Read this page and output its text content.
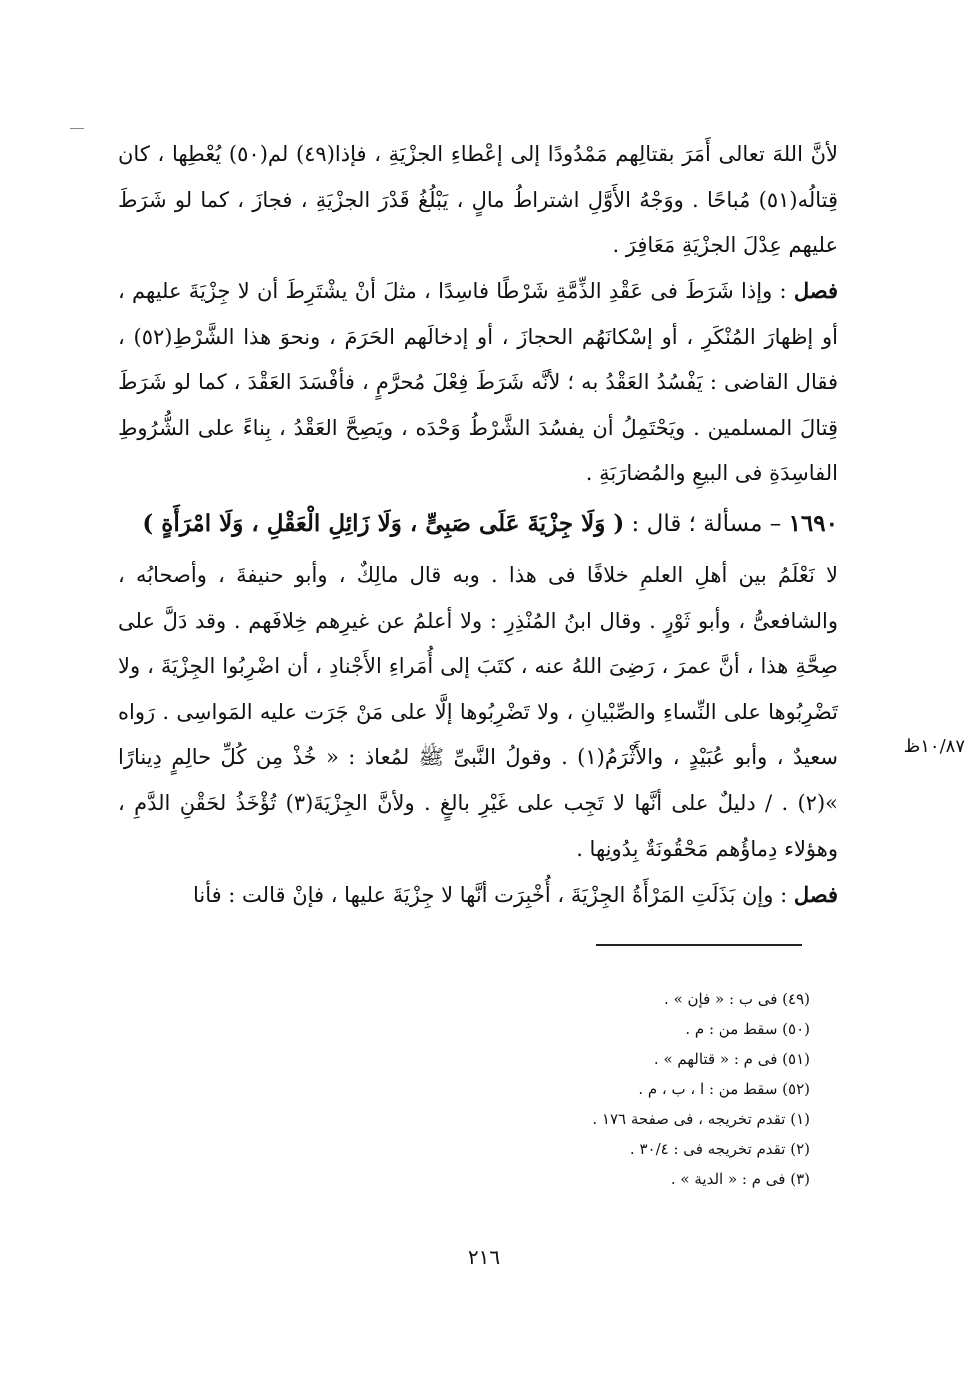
لأنَّ اللهَ تعالى أَمَرَ بقتالِهم مَمْدُودًا إلى إعْطاءِ الجزْيَةِ ، فإذا(٤٩) لم(٥٠) يُعْطِها ، كان قِتالُه(٥١) مُباحًا . ووَجْهُ الأَوَّلِ اشتراطُ مالٍ ، يَبْلُغُ قَدْرَ الجزْيَةِ ، فجازَ ، كما لو شَرَطَ عليهم عِدْلَ الجزْيَةِ مَعَافِرَ .
فصل : وإذا شَرَطَ فى عَقْدِ الذِّمَّةِ شَرْطًا فاسِدًا ، مثلَ أنْ يشْتَرِطَ أن لا جِزْيَةَ عليهم ، أو إظهارَ المُنْكَرِ ، أو إسْكانَهُم الحجازَ ، أو إدخالَهم الحَرَمَ ، ونحوَ هذا الشَّرْطِ(٥٢) ، فقال القاضى : يَفْسُدُ العَقْدُ به ؛ لأنَّه شَرَطَ فِعْلَ مُحرَّمٍ ، فأفْسَدَ العَقْدَ ، كما لو شَرَطَ قِتالَ المسلمين . ويَحْتَمِلُ أن يفسُدَ الشَّرْطُ وَحْدَه ، ويَصِحَّ العَقْدُ ، بِناءً على الشُّرُوطِ الفاسِدَةِ فى البيعِ والمُضارَبَةِ .
١٦٩٠ – مسألة ؛ قال : ( وَلَا جِزْيَةَ عَلَى صَبِىٍّ ، وَلَا زَائِلِ الْعَقْلِ ، وَلَا امْرَأَةٍ )
لا نَعْلَمُ بين أهلِ العلمِ خلافًا فى هذا . وبه قال مالِكٌ ، وأبو حنيفةَ ، وأصحابُه ، والشافعىُّ ، وأبو ثَوْرٍ . وقال ابنُ المُنْذِرِ : ولا أعلمُ عن غيرِهم خِلافَهم . وقد دَلَّ على صِحَّةِ هذا ، أنَّ عمرَ ، رَضِىَ اللهُ عنه ، كتَبَ إلى أُمَراءِ الأَجْنادِ ، أن اضْرِبُوا الجِزْيَةَ ، ولا تَضْرِبُوها على النِّساءِ والصِّبْيانِ ، ولا تَضْرِبُوها إلَّا على مَنْ جَرَت عليه المَواسِى . رَواه سعيدٌ ، وأبو عُبَيْدٍ ، والأَثْرَمُ(١) . وقولُ النَّبىِّ ﷺ لمُعاذ : « خُذْ مِن كُلِّ حالِمٍ دِينارًا »(٢) . / دليلٌ على أنَّها لا تَجِب على غَيْرِ بالغٍ . ولأنَّ الجِزْيَةَ(٣) تُؤْخَذُ لحَقْنِ الدَّمِ ، وهؤلاء دِماؤُهم مَحْقُونَةٌ بِدُونِها .
فصل : وإن بَذَلَتِ المَرْأَةُ الجِزْيَةَ ، أُخْبِرَت أنَّها لا جِزْيَةَ عليها ، فإنْ قالت : فأنا
١٠/٨٧ظ
(٤٩) فى ب : « فإن » .
(٥٠) سقط من : م .
(٥١) فى م : « قتالهم » .
(٥٢) سقط من : ا ، ب ، م .
(١) تقدم تخريجه ، فى صفحة ١٧٦ .
(٢) تقدم تخريجه فى : ٣٠/٤ .
(٣) فى م : « الدية » .
٢١٦
